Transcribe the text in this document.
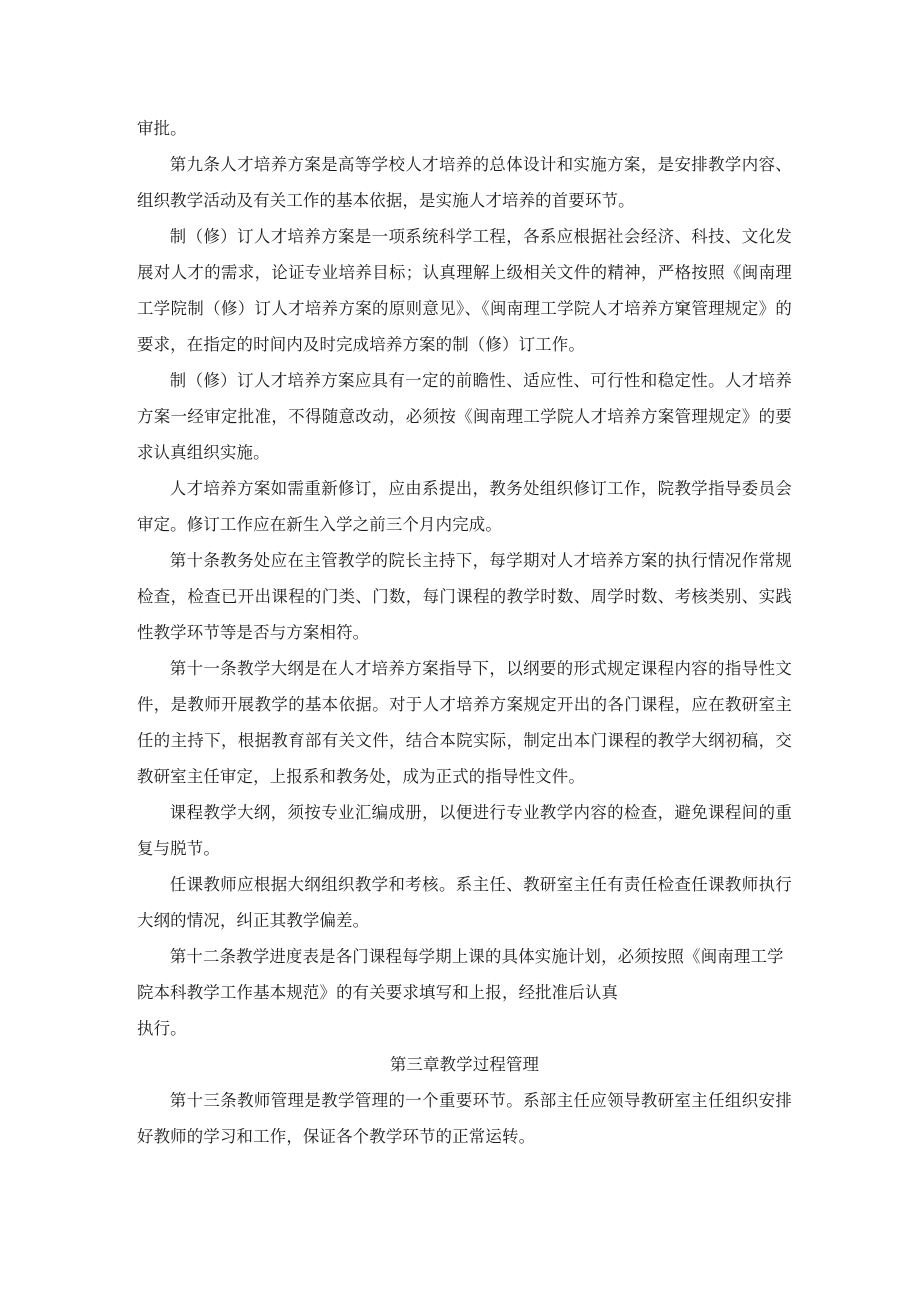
审批。

第九条人才培养方案是高等学校人才培养的总体设计和实施方案，是安排教学内容、组织教学活动及有关工作的基本依据，是实施人才培养的首要环节。

制（修）订人才培养方案是一项系统科学工程，各系应根据社会经济、科技、文化发展对人才的需求，论证专业培养目标；认真理解上级相关文件的精神，严格按照《闽南理工学院制（修）订人才培养方案的原则意见》、《闽南理工学院人才培养方窠管理规定》的要求，在指定的时间内及时完成培养方案的制（修）订工作。

制（修）订人才培养方案应具有一定的前瞻性、适应性、可行性和稳定性。人才培养方案一经审定批准，不得随意改动，必须按《闽南理工学院人才培养方案管理规定》的要求认真组织实施。

人才培养方案如需重新修订，应由系提出，教务处组织修订工作，院教学指导委员会审定。修订工作应在新生入学之前三个月内完成。

第十条教务处应在主管教学的院长主持下，每学期对人才培养方案的执行情况作常规检查，检查已开出课程的门类、门数，每门课程的教学时数、周学时数、考核类别、实践性教学环节等是否与方案相符。

第十一条教学大纲是在人才培养方案指导下，以纲要的形式规定课程内容的指导性文件，是教师开展教学的基本依据。对于人才培养方案规定开出的各门课程，应在教研室主任的主持下，根据教育部有关文件，结合本院实际，制定出本门课程的教学大纲初稿，交教研室主任审定，上报系和教务处，成为正式的指导性文件。

课程教学大纲，须按专业汇编成册，以便进行专业教学内容的检查，避免课程间的重复与脱节。

任课教师应根据大纲组织教学和考核。系主任、教研室主任有责任检查任课教师执行大纲的情况，纠正其教学偏差。

第十二条教学进度表是各门课程每学期上课的具体实施计划，必须按照《闽南理工学院本科教学工作基本规范》的有关要求填写和上报，经批准后认真
执行。

第三章教学过程管理

第十三条教师管理是教学管理的一个重要环节。系部主任应领导教研室主任组织安排好教师的学习和工作，保证各个教学环节的正常运转。
